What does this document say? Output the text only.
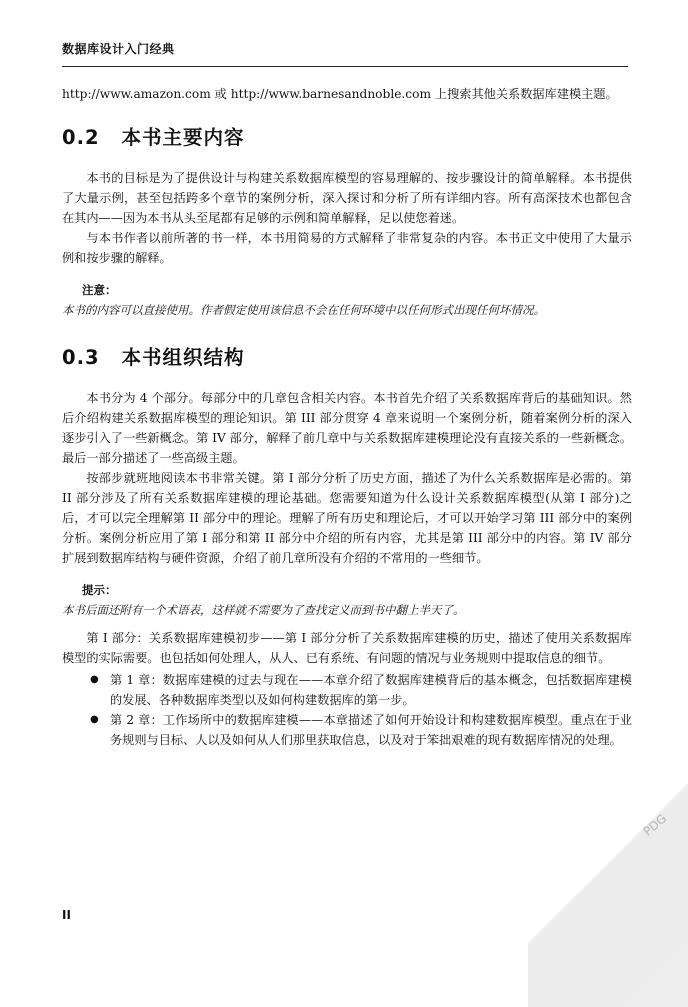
数据库设计入门经典

http://www.amazon.com 或 http://www.barnesandnoble.com 上搜索其他关系数据库建模主题。

0.2 本书主要内容

本书的目标是为了提供设计与构建关系数据库模型的容易理解的、按步骤设计的简单解释。本书提供了大量示例，甚至包括跨多个章节的案例分析，深入探讨和分析了所有详细内容。所有高深技术也都包含在其内——因为本书从头至尾都有足够的示例和简单解释，足以使您着迷。

与本书作者以前所著的书一样，本书用简易的方式解释了非常复杂的内容。本书正文中使用了大量示例和按步骤的解释。

注意：

本书的内容可以直接使用。作者假定使用该信息不会在任何环境中以任何形式出现任何坏情况。

0.3 本书组织结构

本书分为 4 个部分。每部分中的几章包含相关内容。本书首先介绍了关系数据库背后的基础知识。然后介绍构建关系数据库模型的理论知识。第 III 部分贯穿 4 章来说明一个案例分析，随着案例分析的深入逐步引入了一些新概念。第 IV 部分，解释了前几章中与关系数据库建模理论没有直接关系的一些新概念。最后一部分描述了一些高级主题。

按部步就班地阅读本书非常关键。第 I 部分分析了历史方面，描述了为什么关系数据库是必需的。第 II 部分涉及了所有关系数据库建模的理论基础。您需要知道为什么设计关系数据库模型(从第 I 部分)之后，才可以完全理解第 II 部分中的理论。理解了所有历史和理论后，才可以开始学习第 III 部分中的案例分析。案例分析应用了第 I 部分和第 II 部分中介绍的所有内容，尤其是第 III 部分中的内容。第 IV 部分扩展到数据库结构与硬件资源，介绍了前几章所没有介绍的不常用的一些细节。

提示：

本书后面还附有一个术语表，这样就不需要为了查找定义而到书中翻上半天了。

第 I 部分：关系数据库建模初步——第 I 部分分析了关系数据库建模的历史，描述了使用关系数据库模型的实际需要。也包括如何处理人，从人、已有系统、有问题的情况与业务规则中提取信息的细节。

● 第 1 章：数据库建模的过去与现在——本章介绍了数据库建模背后的基本概念，包括数据库建模的发展、各种数据库类型以及如何构建数据库的第一步。
● 第 2 章：工作场所中的数据库建模——本章描述了如何开始设计和构建数据库模型。重点在于业务规则与目标、人以及如何从人们那里获取信息，以及对于笨拙艰难的现有数据库情况的处理。
II
PDG
